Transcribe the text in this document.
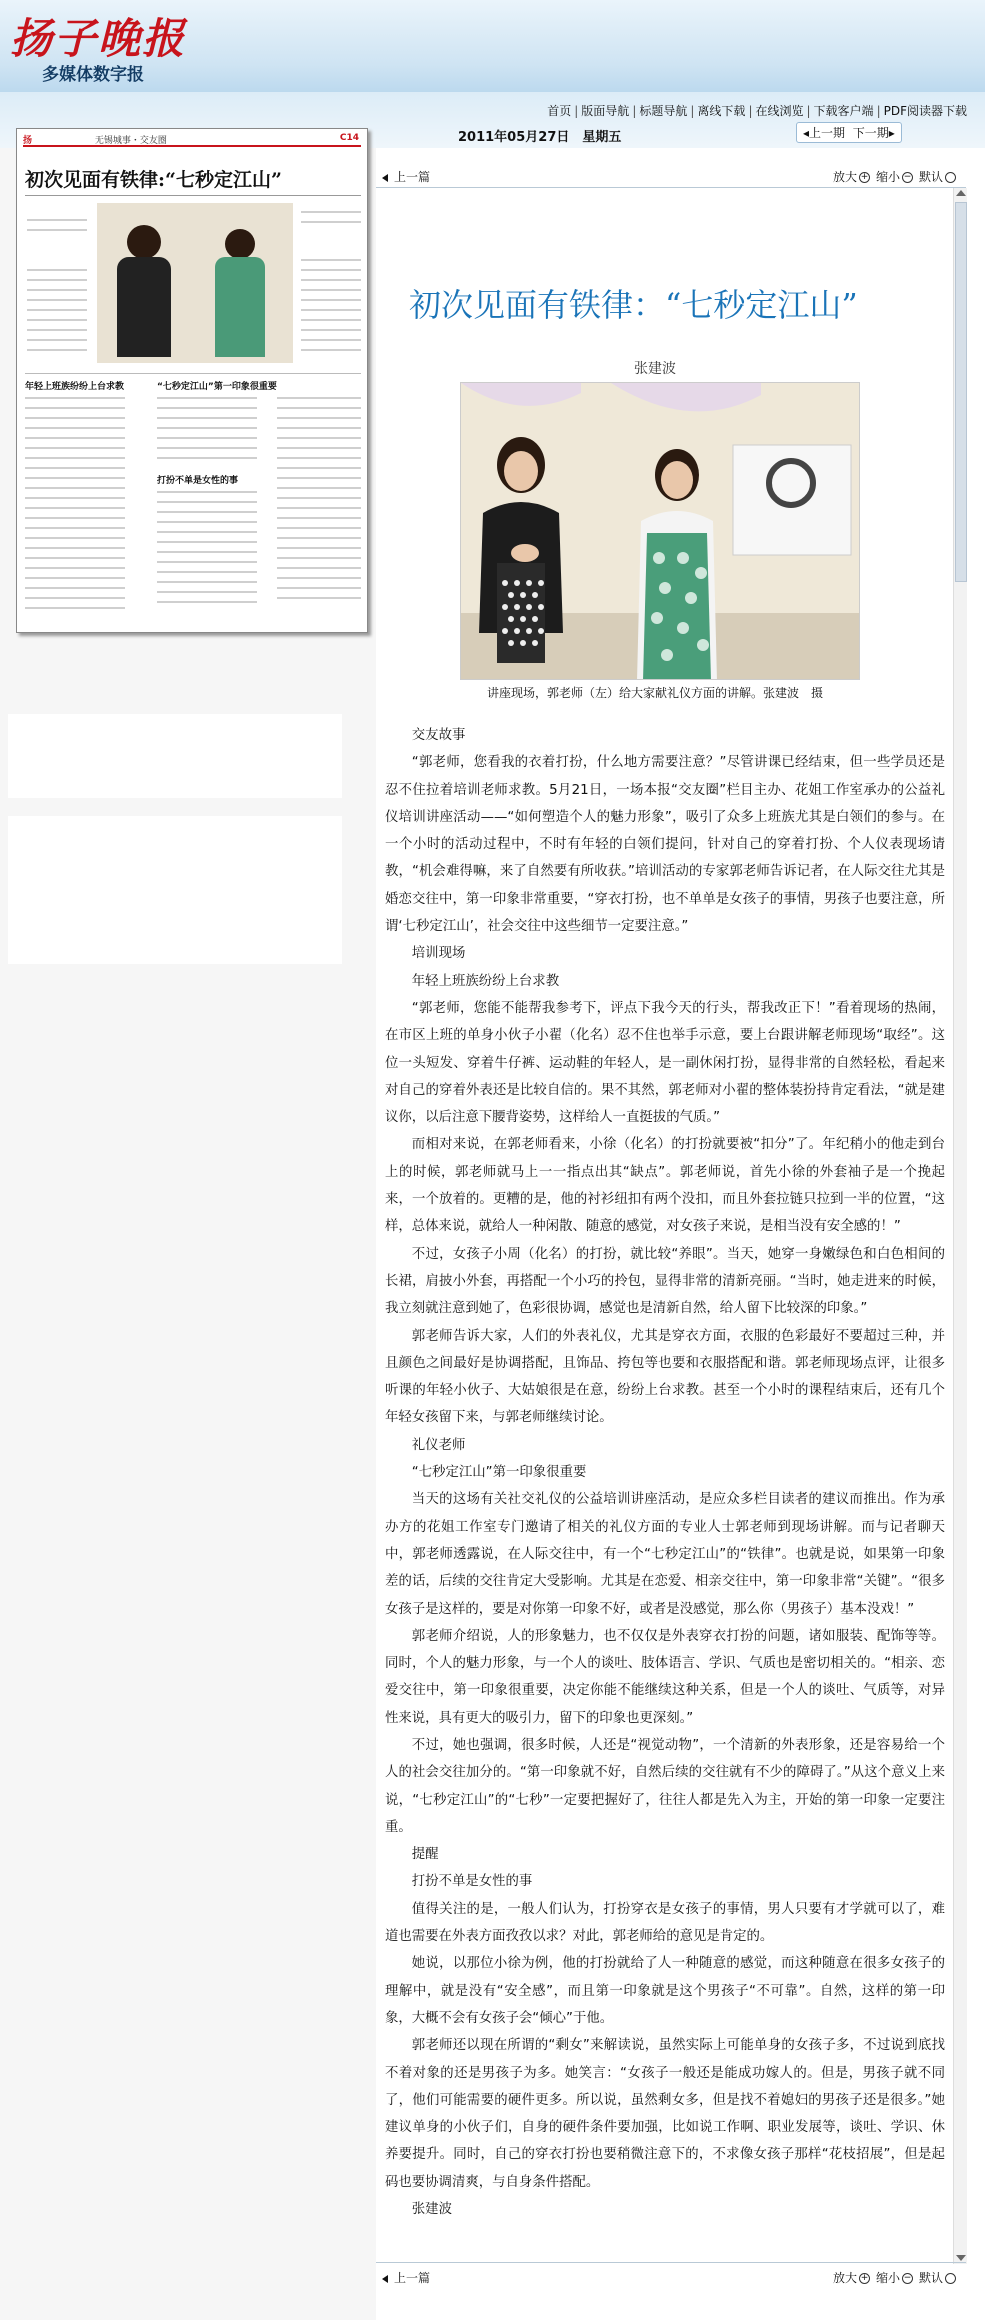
扬子晚报
多媒体数字报
首页 | 版面导航 | 标题导航 | 离线下载 | 在线浏览 | 下载客户端 | PDF阅读器下载
2011年05月27日　星期五	◂上一期 下一期▸
扬	无锡城事・交友圈	C14
初次见面有铁律:“七秒定江山”
年轻上班族纷纷上台求教	“七秒定江山”第一印象很重要
打扮不单是女性的事
上一篇	放大 + 缩小 − 默认
初次见面有铁律：“七秒定江山”
张建波
讲座现场，郭老师（左）给大家献礼仪方面的讲解。张建波　摄

交友故事

“郭老师，您看我的衣着打扮，什么地方需要注意？”尽管讲课已经结束，但一些学员还是忍不住拉着培训老师求教。5月21日，一场本报“交友圈”栏目主办、花姐工作室承办的公益礼仪培训讲座活动——“如何塑造个人的魅力形象”，吸引了众多上班族尤其是白领们的参与。在一个小时的活动过程中，不时有年轻的白领们提问，针对自己的穿着打扮、个人仪表现场请教，“机会难得嘛，来了自然要有所收获。”培训活动的专家郭老师告诉记者，在人际交往尤其是婚恋交往中，第一印象非常重要，“穿衣打扮，也不单单是女孩子的事情，男孩子也要注意，所谓‘七秒定江山’，社会交往中这些细节一定要注意。”

培训现场

年轻上班族纷纷上台求教

“郭老师，您能不能帮我参考下，评点下我今天的行头，帮我改正下！”看着现场的热闹，在市区上班的单身小伙子小翟（化名）忍不住也举手示意，要上台跟讲解老师现场“取经”。这位一头短发、穿着牛仔裤、运动鞋的年轻人，是一副休闲打扮，显得非常的自然轻松，看起来对自己的穿着外表还是比较自信的。果不其然，郭老师对小翟的整体装扮持肯定看法，“就是建议你，以后注意下腰背姿势，这样给人一直挺拔的气质。”

而相对来说，在郭老师看来，小徐（化名）的打扮就要被“扣分”了。年纪稍小的他走到台上的时候，郭老师就马上一一指点出其“缺点”。郭老师说，首先小徐的外套袖子是一个挽起来，一个放着的。更糟的是，他的衬衫纽扣有两个没扣，而且外套拉链只拉到一半的位置，“这样，总体来说，就给人一种闲散、随意的感觉，对女孩子来说，是相当没有安全感的！”

不过，女孩子小周（化名）的打扮，就比较“养眼”。当天，她穿一身嫩绿色和白色相间的长裙，肩披小外套，再搭配一个小巧的拎包，显得非常的清新亮丽。“当时，她走进来的时候，我立刻就注意到她了，色彩很协调，感觉也是清新自然，给人留下比较深的印象。”

郭老师告诉大家，人们的外表礼仪，尤其是穿衣方面，衣服的色彩最好不要超过三种，并且颜色之间最好是协调搭配，且饰品、挎包等也要和衣服搭配和谐。郭老师现场点评，让很多听课的年轻小伙子、大姑娘很是在意，纷纷上台求教。甚至一个小时的课程结束后，还有几个年轻女孩留下来，与郭老师继续讨论。

礼仪老师

“七秒定江山”第一印象很重要

当天的这场有关社交礼仪的公益培训讲座活动，是应众多栏目读者的建议而推出。作为承办方的花姐工作室专门邀请了相关的礼仪方面的专业人士郭老师到现场讲解。而与记者聊天中，郭老师透露说，在人际交往中，有一个“七秒定江山”的“铁律”。也就是说，如果第一印象差的话，后续的交往肯定大受影响。尤其是在恋爱、相亲交往中，第一印象非常“关键”。“很多女孩子是这样的，要是对你第一印象不好，或者是没感觉，那么你（男孩子）基本没戏！”

郭老师介绍说，人的形象魅力，也不仅仅是外表穿衣打扮的问题，诸如服装、配饰等等。同时，个人的魅力形象，与一个人的谈吐、肢体语言、学识、气质也是密切相关的。“相亲、恋爱交往中，第一印象很重要，决定你能不能继续这种关系，但是一个人的谈吐、气质等，对异性来说，具有更大的吸引力，留下的印象也更深刻。”

不过，她也强调，很多时候，人还是“视觉动物”，一个清新的外表形象，还是容易给一个人的社会交往加分的。“第一印象就不好，自然后续的交往就有不少的障碍了。”从这个意义上来说，“七秒定江山”的“七秒”一定要把握好了，往往人都是先入为主，开始的第一印象一定要注重。

提醒

打扮不单是女性的事

值得关注的是，一般人们认为，打扮穿衣是女孩子的事情，男人只要有才学就可以了，难道也需要在外表方面孜孜以求？对此，郭老师给的意见是肯定的。

她说，以那位小徐为例，他的打扮就给了人一种随意的感觉，而这种随意在很多女孩子的理解中，就是没有“安全感”，而且第一印象就是这个男孩子“不可靠”。自然，这样的第一印象，大概不会有女孩子会“倾心”于他。

郭老师还以现在所谓的“剩女”来解读说，虽然实际上可能单身的女孩子多，不过说到底找不着对象的还是男孩子为多。她笑言：“女孩子一般还是能成功嫁人的。但是，男孩子就不同了，他们可能需要的硬件更多。所以说，虽然剩女多，但是找不着媳妇的男孩子还是很多。”她建议单身的小伙子们，自身的硬件条件要加强，比如说工作啊、职业发展等，谈吐、学识、休养要提升。同时，自己的穿衣打扮也要稍微注意下的，不求像女孩子那样“花枝招展”，但是起码也要协调清爽，与自身条件搭配。

张建波

上一篇	放大 + 缩小 − 默认
